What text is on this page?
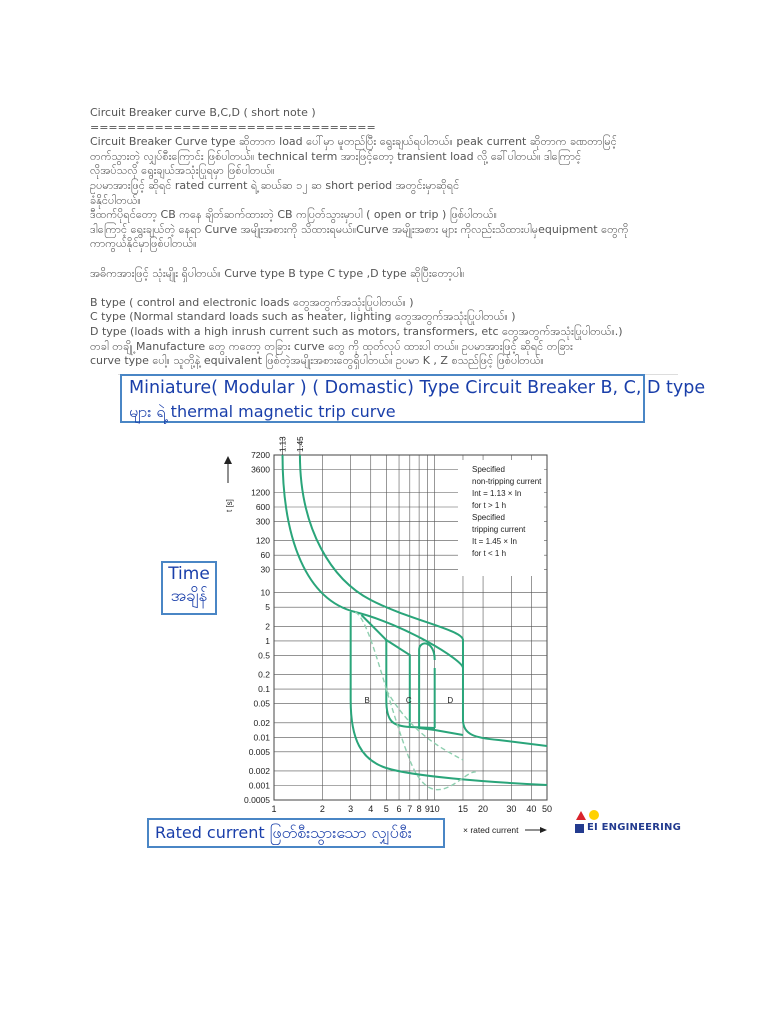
Circuit Breaker curve B,C,D ( short note )

===============================

Circuit Breaker Curve type ဆိုတာက load ပေါ်မှာ မူတည်ပြီး ရွေးချယ်ရပါတယ်။ peak current ဆိုတာက ခဏတာမြင့်

တက်သွားတဲ့ လျှပ်စီးကြောင်း ဖြစ်ပါတယ်။ technical term အားဖြင့်တော့ transient load လို့ ခေါ်ပါတယ်။ ဒါကြောင့်

လိုအပ်သလို ရွေးချယ်အသုံးပြုရမှာ ဖြစ်ပါတယ်။

ဥပမာအားဖြင့် ဆိုရင် rated current ရဲ့ ဆယ်ဆ ၁၂ ဆ short period အတွင်းမှာဆိုရင်

ခံနိုင်ပါတယ်။

ဒီထက်ပိုရင်တော့ CB ကနေ ချိတ်ဆက်ထားတဲ့ CB ကပြတ်သွားမှာပါ ( open or trip ) ဖြစ်ပါတယ်။

ဒါကြောင့် ရွေးချယ်တဲ့ နေရာ Curve အမျိုးအစားကို သိထားရမယ်။Curve အမျိုးအစား များ ကိုလည်းသိထားပါမှequipment တွေကို

ကာကွယ်နိုင်မှာဖြစ်ပါတယ်။

အဓိကအားဖြင့် သုံးမျိုး ရှိပါတယ်။ Curve type B type C type ,D type ဆိုပြီးတော့ပါ။

B type ( control and electronic loads တွေအတွက်အသုံးပြုပါတယ်။ )

C type (Normal standard loads such as heater, lighting တွေအတွက်အသုံးပြုပါတယ်။ )

D type (loads with a high inrush current such as motors, transformers, etc တွေအတွက်အသုံးပြုပါတယ်။.)

တခါ တချို့ Manufacture တွေ ကတော့ တခြား curve တွေ ကို ထုတ်လုပ် ထားပါ တယ်။ ဥပမာအားဖြင့် ဆိုရင် တခြား

curve type ပေါ့။ သူတို့နဲ့ equivalent ဖြစ်တဲ့အမျိုးအစားတွေရှိပါတယ်။ ဥပမာ K , Z စသည်ဖြင့် ဖြစ်ပါတယ်။

1	2	3 4 5 6 7 8 9 10 15 20 30 40 50
7200
3600
1200
600
300
120
60
30
10
5
2
1
0.5
0.2
0.1
0.05
0.02
0.01
0.005
0.002
0.001
0.0005
1.13 1.45
t [s]
× rated current
Specified
non-tripping current
Int = 1.13 × In
for t > 1 h
Specified
tripping current
It = 1.45 × In
for t < 1 h
B	C	D
Miniature( Modular ) ( Domastic) Type Circuit Breaker B, C, D type
များ ရဲ့ thermal magnetic trip curve
Time
အချိန်
Rated current ဖြတ်စီးသွားသော လျှပ်စီး	EI ENGINEERING
